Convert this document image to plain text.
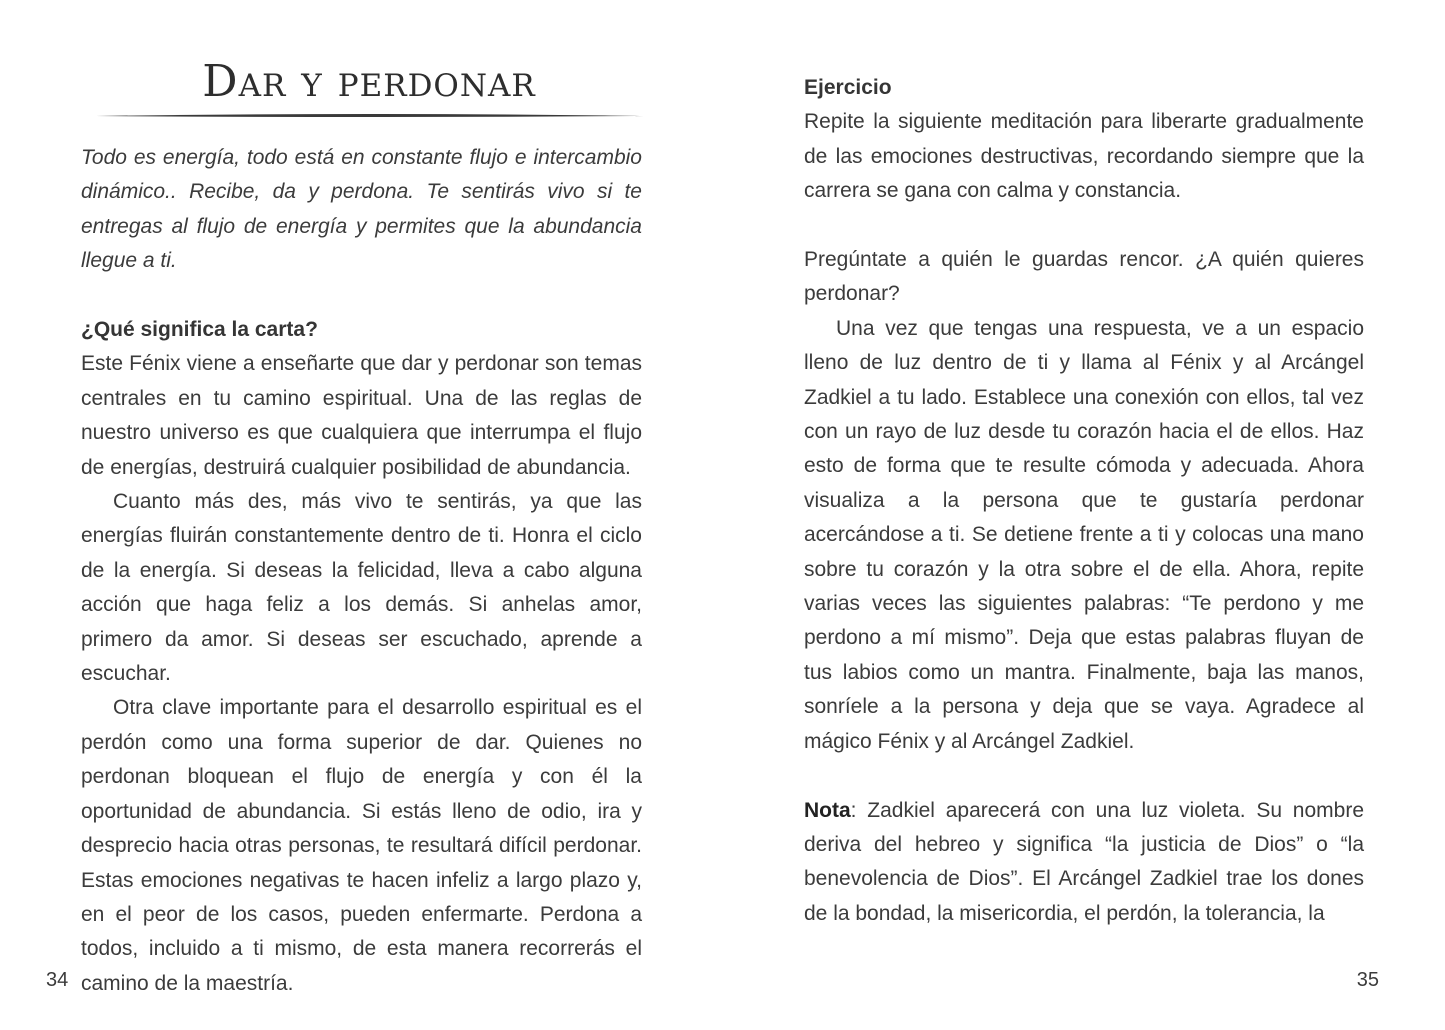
Dar y perdonar

Todo es energía, todo está en constante flujo e intercambio dinámico.. Recibe, da y perdona. Te sentirás vivo si te entregas al flujo de energía y permites que la abundancia llegue a ti.

¿Qué significa la carta?

Este Fénix viene a enseñarte que dar y perdonar son temas centrales en tu camino espiritual. Una de las reglas de nuestro universo es que cualquiera que interrumpa el flujo de energías, destruirá cualquier posibilidad de abundancia.

Cuanto más des, más vivo te sentirás, ya que las energías fluirán constantemente dentro de ti. Honra el ciclo de la energía. Si deseas la felicidad, lleva a cabo alguna acción que haga feliz a los demás. Si anhelas amor, primero da amor. Si deseas ser escuchado, aprende a escuchar.

Otra clave importante para el desarrollo espiritual es el perdón como una forma superior de dar. Quienes no perdonan bloquean el flujo de energía y con él la oportunidad de abundancia. Si estás lleno de odio, ira y desprecio hacia otras personas, te resultará difícil perdonar. Estas emociones negativas te hacen infeliz a largo plazo y, en el peor de los casos, pueden enfermarte. Perdona a todos, incluido a ti mismo, de esta manera recorrerás el camino de la maestría.

34

Ejercicio

Repite la siguiente meditación para liberarte gradualmente de las emociones destructivas, recordando siempre que la carrera se gana con calma y constancia.

Pregúntate a quién le guardas rencor. ¿A quién quieres perdonar?

Una vez que tengas una respuesta, ve a un espacio lleno de luz dentro de ti y llama al Fénix y al Arcángel Zadkiel a tu lado. Establece una conexión con ellos, tal vez con un rayo de luz desde tu corazón hacia el de ellos. Haz esto de forma que te resulte cómoda y adecuada. Ahora visualiza a la persona que te gustaría perdonar acercándose a ti. Se detiene frente a ti y colocas una mano sobre tu corazón y la otra sobre el de ella. Ahora, repite varias veces las siguientes palabras: “Te perdono y me perdono a mí mismo”. Deja que estas palabras fluyan de tus labios como un mantra. Finalmente, baja las manos, sonríele a la persona y deja que se vaya. Agradece al mágico Fénix y al Arcángel Zadkiel.

Nota: Zadkiel aparecerá con una luz violeta. Su nombre deriva del hebreo y significa “la justicia de Dios” o “la benevolencia de Dios”. El Arcángel Zadkiel trae los dones de la bondad, la misericordia, el perdón, la tolerancia, la

35
